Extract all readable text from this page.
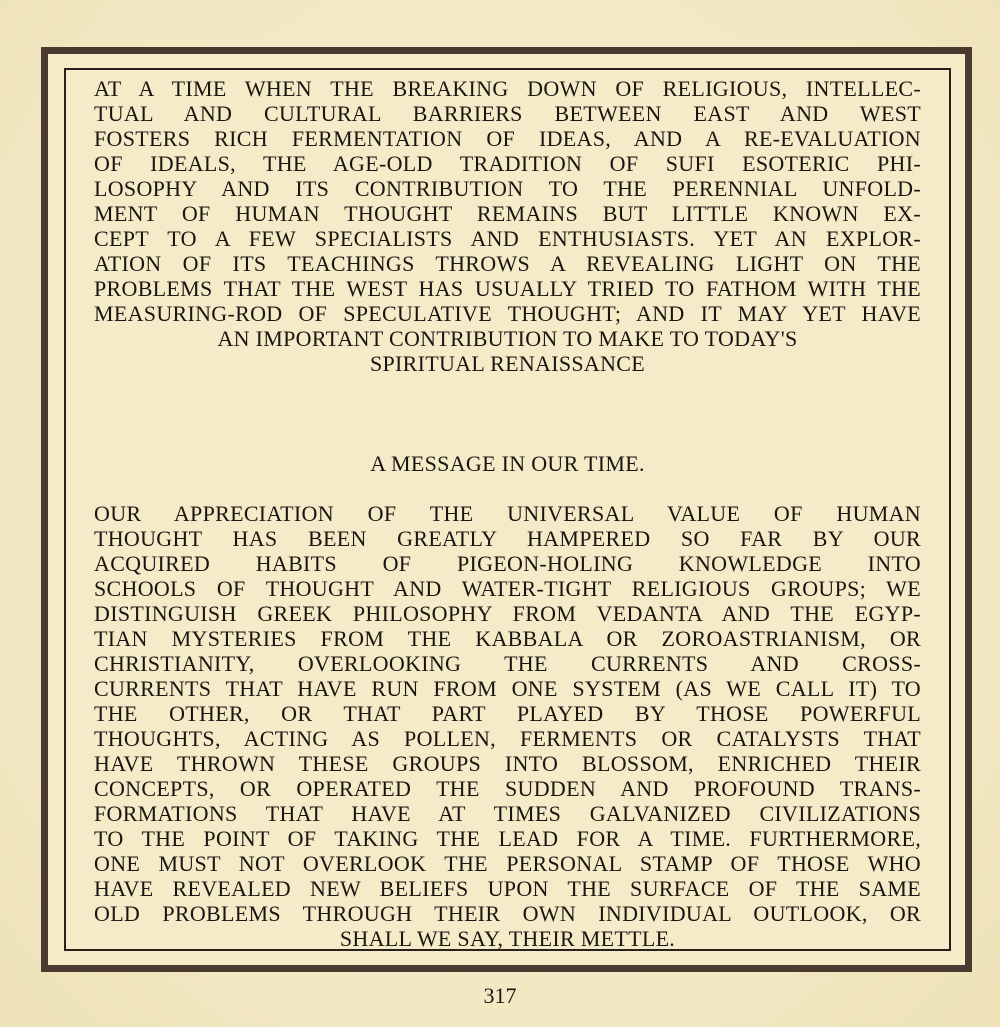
AT A TIME WHEN THE BREAKING DOWN OF RELIGIOUS, INTELLEC-
TUAL AND CULTURAL BARRIERS BETWEEN EAST AND WEST
FOSTERS RICH FERMENTATION OF IDEAS, AND A RE-EVALUATION
OF IDEALS, THE AGE-OLD TRADITION OF SUFI ESOTERIC PHI-
LOSOPHY AND ITS CONTRIBUTION TO THE PERENNIAL UNFOLD-
MENT OF HUMAN THOUGHT REMAINS BUT LITTLE KNOWN EX-
CEPT TO A FEW SPECIALISTS AND ENTHUSIASTS. YET AN EXPLOR-
ATION OF ITS TEACHINGS THROWS A REVEALING LIGHT ON THE
PROBLEMS THAT THE WEST HAS USUALLY TRIED TO FATHOM WITH THE
MEASURING-ROD OF SPECULATIVE THOUGHT; AND IT MAY YET HAVE
AN IMPORTANT CONTRIBUTION TO MAKE TO TODAY'S
SPIRITUAL RENAISSANCE
A MESSAGE IN OUR TIME.
OUR APPRECIATION OF THE UNIVERSAL VALUE OF HUMAN
THOUGHT HAS BEEN GREATLY HAMPERED SO FAR BY OUR
ACQUIRED HABITS OF PIGEON-HOLING KNOWLEDGE INTO
SCHOOLS OF THOUGHT AND WATER-TIGHT RELIGIOUS GROUPS; WE
DISTINGUISH GREEK PHILOSOPHY FROM VEDANTA AND THE EGYP-
TIAN MYSTERIES FROM THE KABBALA OR ZOROASTRIANISM, OR
CHRISTIANITY, OVERLOOKING THE CURRENTS AND CROSS-
CURRENTS THAT HAVE RUN FROM ONE SYSTEM (AS WE CALL IT) TO
THE OTHER, OR THAT PART PLAYED BY THOSE POWERFUL
THOUGHTS, ACTING AS POLLEN, FERMENTS OR CATALYSTS THAT
HAVE THROWN THESE GROUPS INTO BLOSSOM, ENRICHED THEIR
CONCEPTS, OR OPERATED THE SUDDEN AND PROFOUND TRANS-
FORMATIONS THAT HAVE AT TIMES GALVANIZED CIVILIZATIONS
TO THE POINT OF TAKING THE LEAD FOR A TIME. FURTHERMORE,
ONE MUST NOT OVERLOOK THE PERSONAL STAMP OF THOSE WHO
HAVE REVEALED NEW BELIEFS UPON THE SURFACE OF THE SAME
OLD PROBLEMS THROUGH THEIR OWN INDIVIDUAL OUTLOOK, OR
SHALL WE SAY, THEIR METTLE.
317
